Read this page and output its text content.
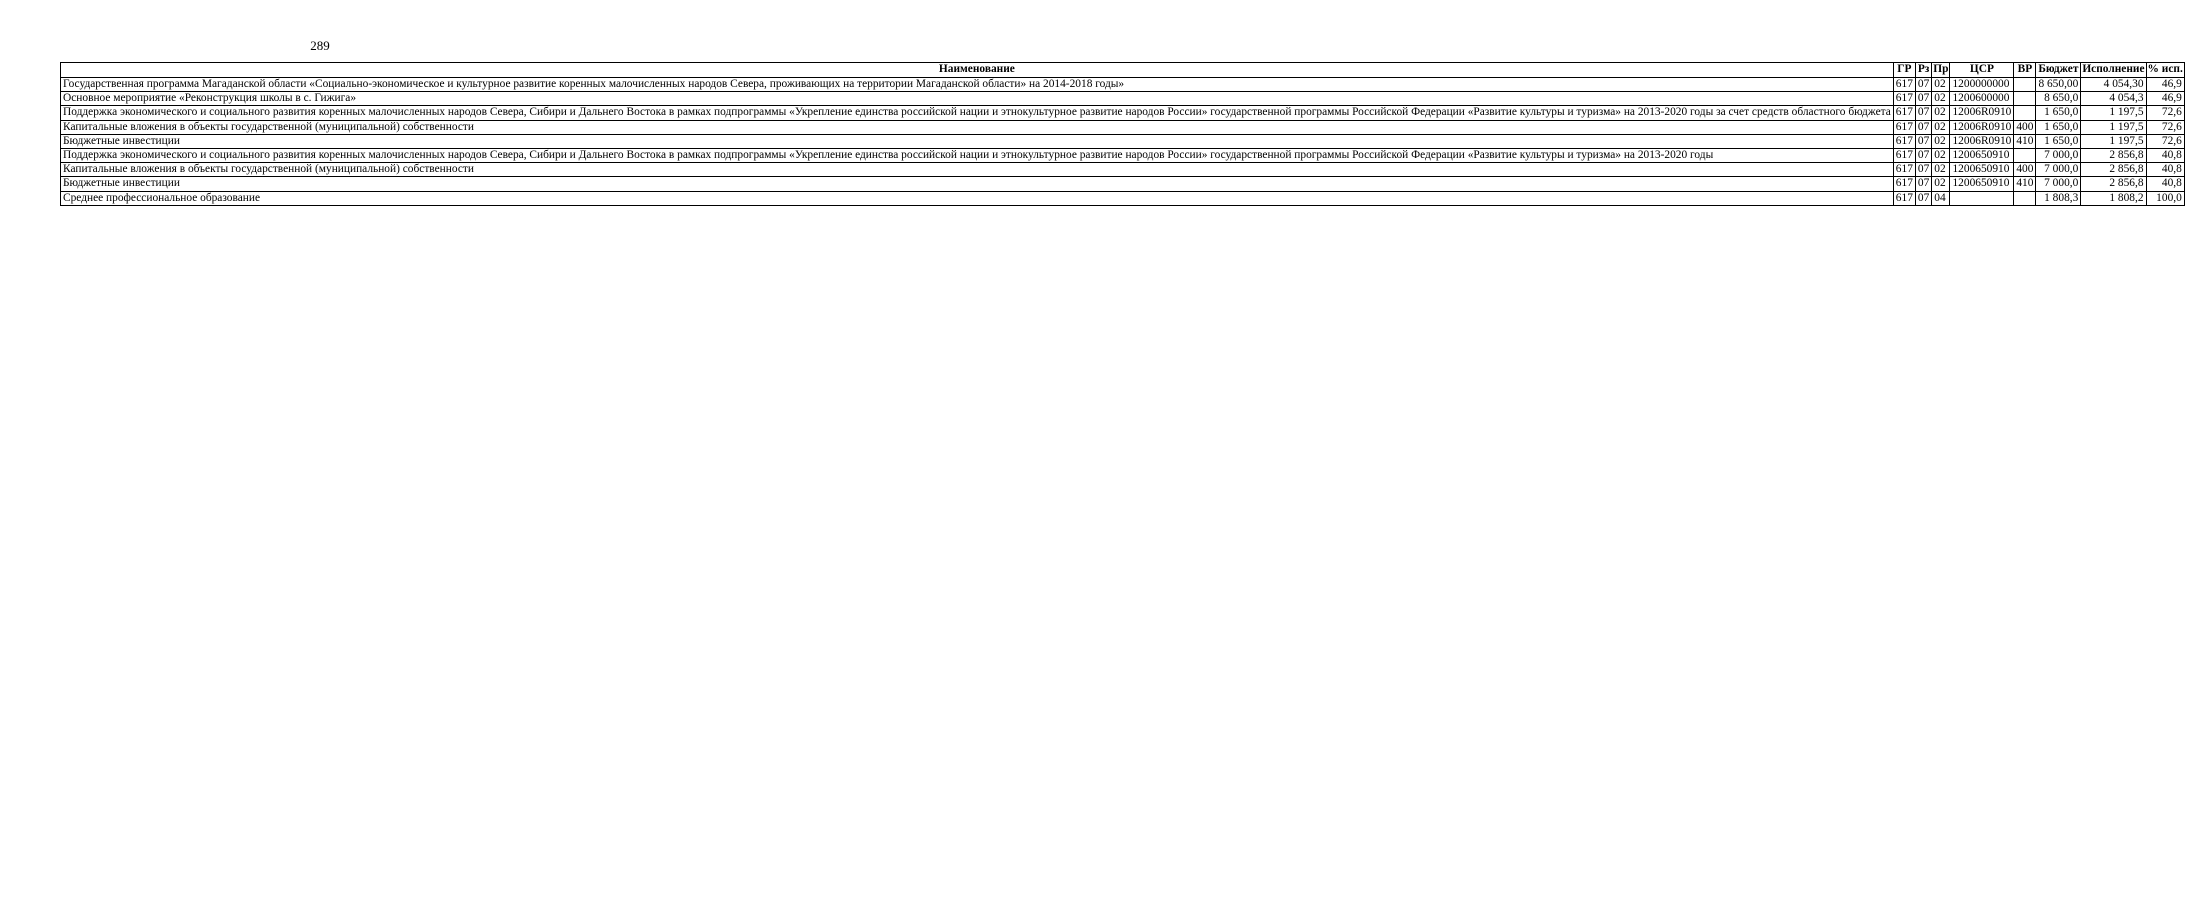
289
Наименование	ГР	Рз	Пр	ЦСР	ВР	Бюджет	Исполнение	% исп.
Государственная программа Магаданской области «Социально-экономическое и культурное развитие коренных малочисленных народов Севера, проживающих на территории Магаданской области» на 2014-2018 годы»	617	07	02	1200000000		8 650,00	4 054,30	46,9
Основное мероприятие «Реконструкция школы в с. Гижига»	617	07	02	1200600000		8 650,0	4 054,3	46,9
Поддержка экономического и социального развития коренных малочисленных народов Севера, Сибири и Дальнего Востока в рамках подпрограммы «Укрепление единства российской нации и этнокультурное развитие народов России» государственной программы Российской Федерации «Развитие культуры и туризма» на 2013-2020 годы за счет средств областного бюджета	617	07	02	12006R0910		1 650,0	1 197,5	72,6
Капитальные вложения в объекты государственной (муниципальной) собственности	617	07	02	12006R0910	400	1 650,0	1 197,5	72,6
Бюджетные инвестиции	617	07	02	12006R0910	410	1 650,0	1 197,5	72,6
Поддержка экономического и социального развития коренных малочисленных народов Севера, Сибири и Дальнего Востока в рамках подпрограммы «Укрепление единства российской нации и этнокультурное развитие народов России» государственной программы Российской Федерации «Развитие культуры и туризма» на 2013-2020 годы	617	07	02	1200650910		7 000,0	2 856,8	40,8
Капитальные вложения в объекты государственной (муниципальной) собственности	617	07	02	1200650910	400	7 000,0	2 856,8	40,8
Бюджетные инвестиции	617	07	02	1200650910	410	7 000,0	2 856,8	40,8
Среднее профессиональное образование	617	07	04			1 808,3	1 808,2	100,0
